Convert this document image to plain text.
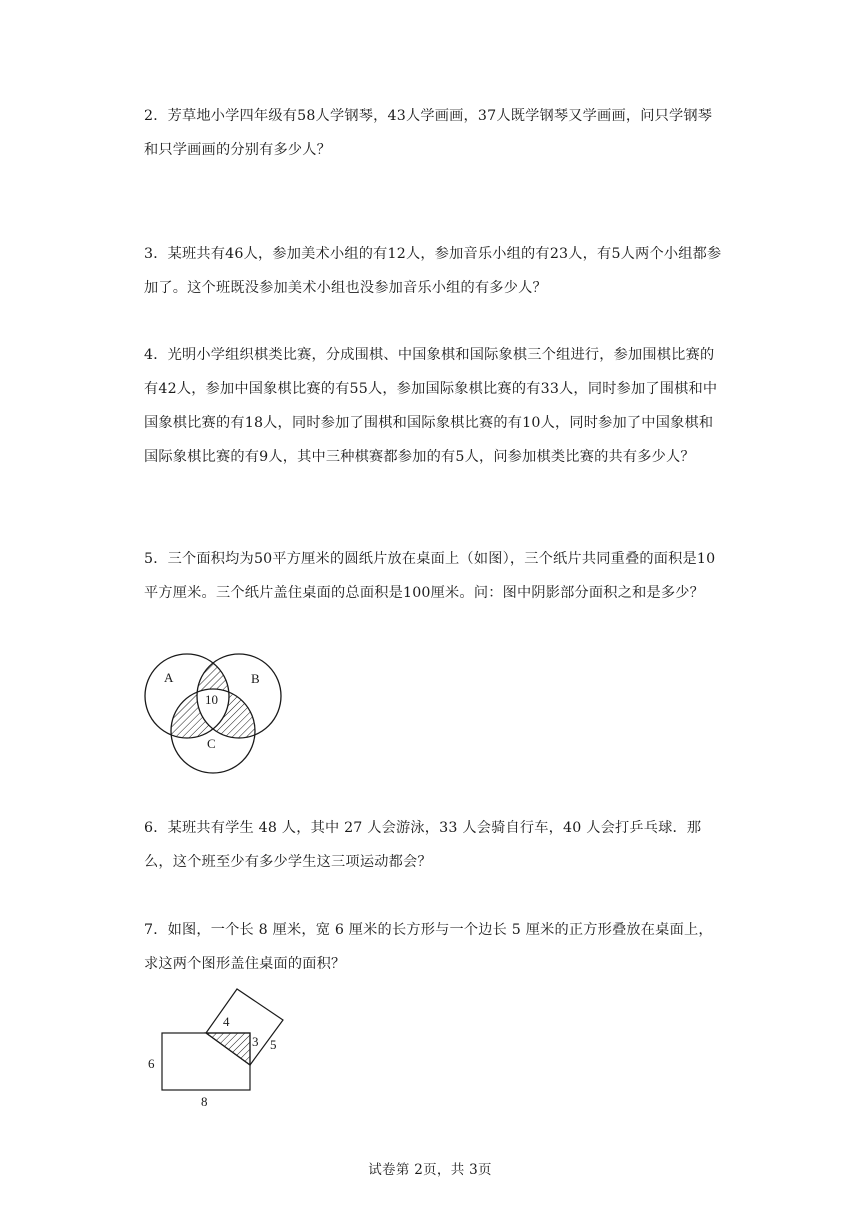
2．芳草地小学四年级有58人学钢琴，43人学画画，37人既学钢琴又学画画，问只学钢琴和只学画画的分别有多少人？

3．某班共有46人，参加美术小组的有12人，参加音乐小组的有23人，有5人两个小组都参加了。这个班既没参加美术小组也没参加音乐小组的有多少人？

4．光明小学组织棋类比赛，分成围棋、中国象棋和国际象棋三个组进行，参加围棋比赛的有42人，参加中国象棋比赛的有55人，参加国际象棋比赛的有33人，同时参加了围棋和中国象棋比赛的有18人，同时参加了围棋和国际象棋比赛的有10人，同时参加了中国象棋和国际象棋比赛的有9人，其中三种棋赛都参加的有5人，问参加棋类比赛的共有多少人？

5．三个面积均为50平方厘米的圆纸片放在桌面上（如图），三个纸片共同重叠的面积是10平方厘米。三个纸片盖住桌面的总面积是100厘米。问：图中阴影部分面积之和是多少？

A	B
C
10

6．某班共有学生 48 人，其中 27 人会游泳，33 人会骑自行车，40 人会打乒乓球．那么，这个班至少有多少学生这三项运动都会？

7．如图，一个长 8 厘米，宽 6 厘米的长方形与一个边长 5 厘米的正方形叠放在桌面上，求这两个图形盖住桌面的面积？

6
8
4
3 5
试卷第 2页，共 3页
